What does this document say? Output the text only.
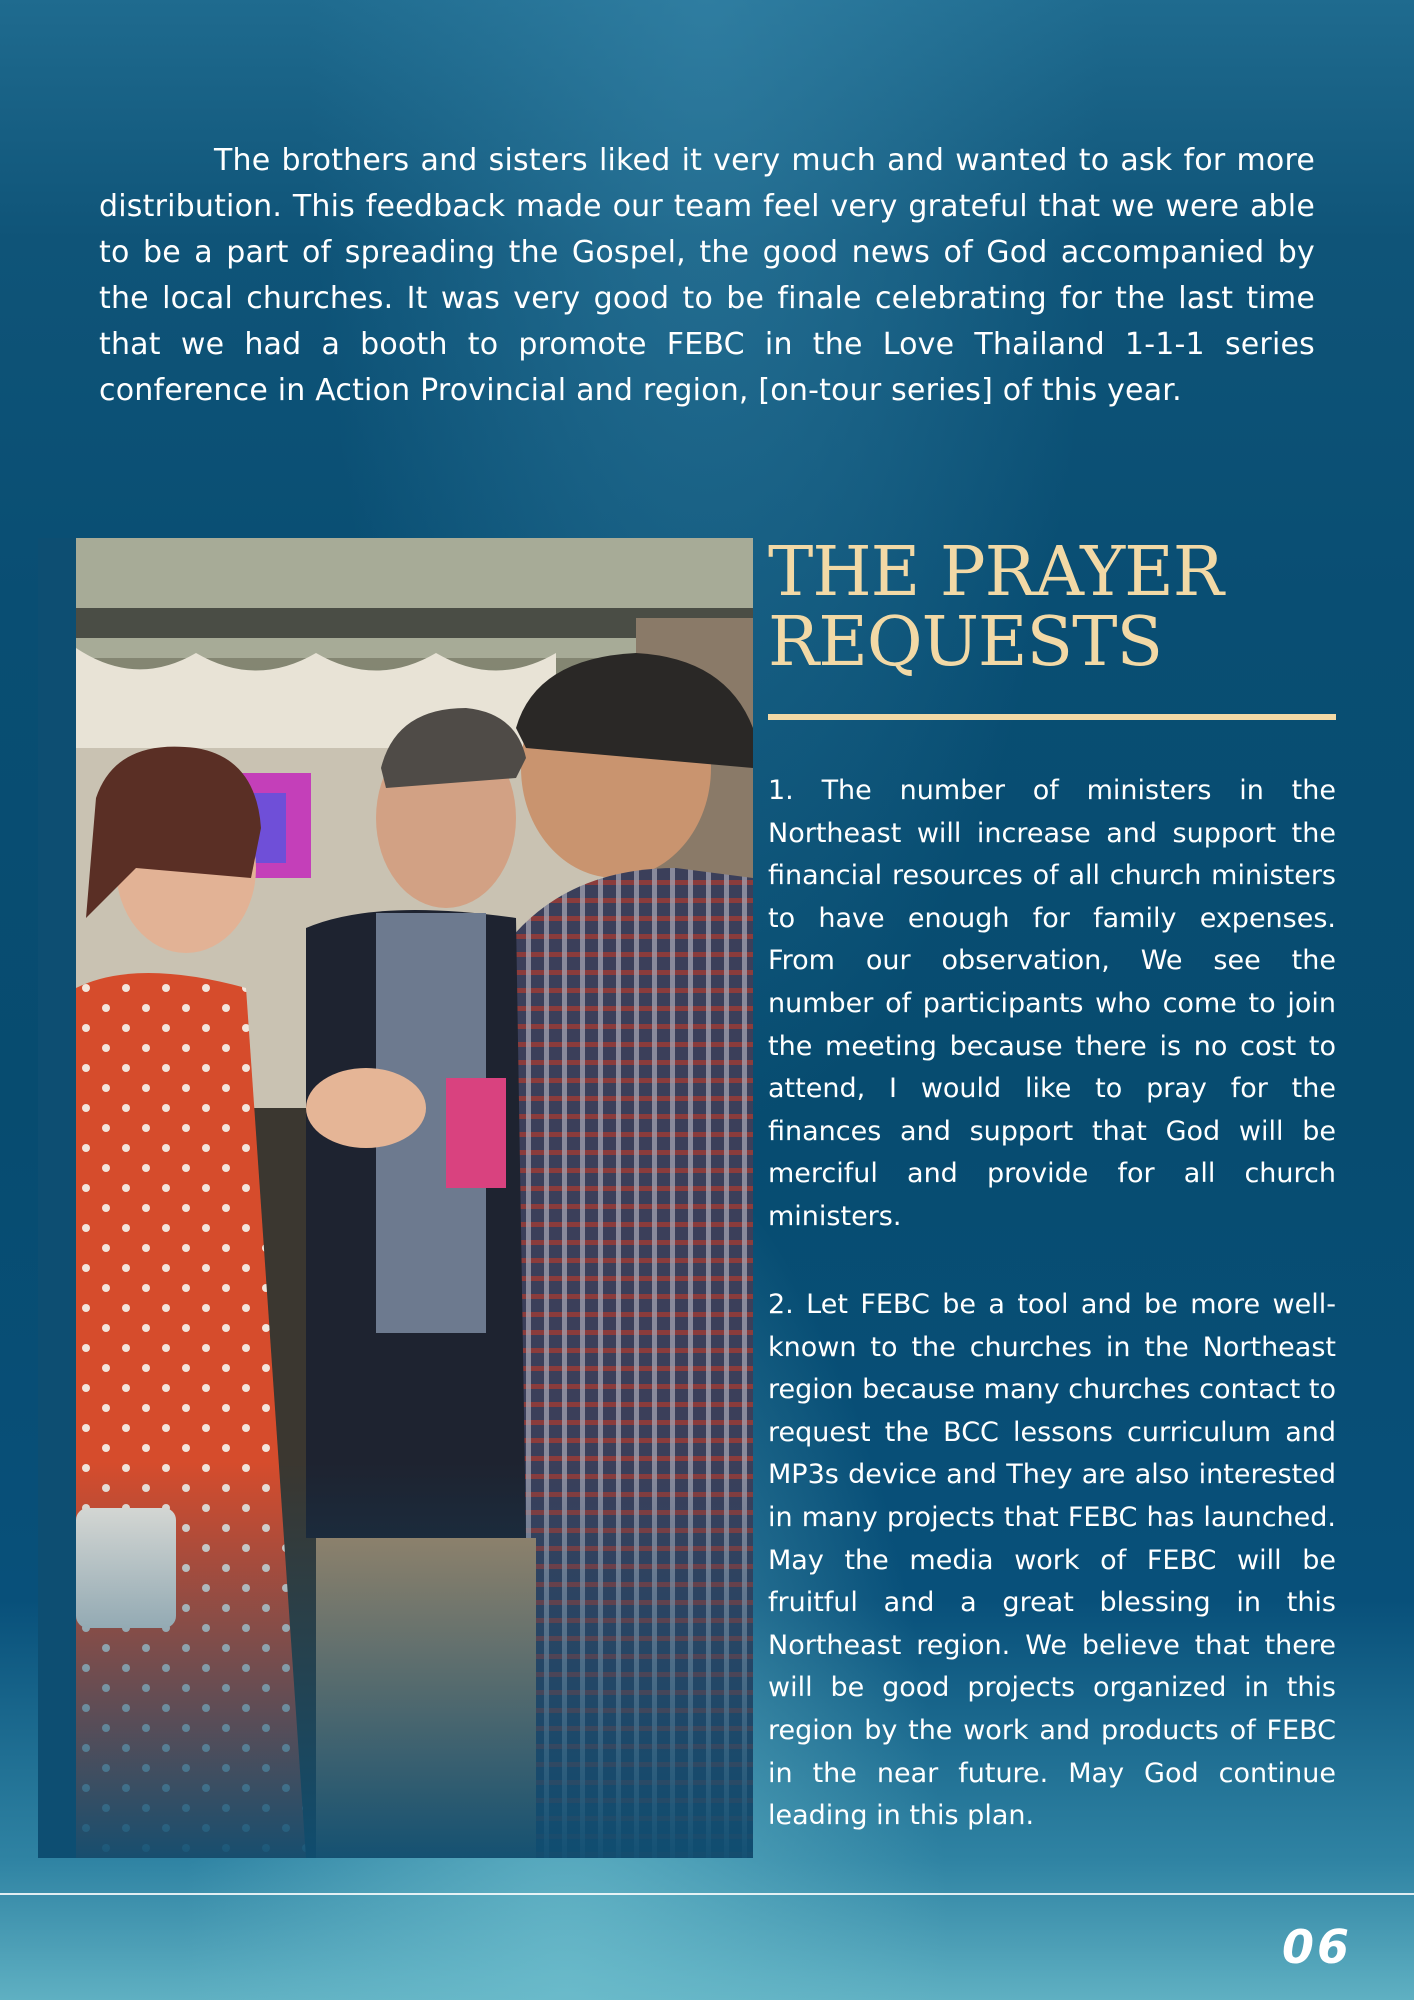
The brothers and sisters liked it very much and wanted to ask for more distribution. This feedback made our team feel very grateful that we were able to be a part of spreading the Gospel, the good news of God accompanied by the local churches. It was very good to be finale celebrating for the last time that we had a booth to promote FEBC in the Love Thailand 1-1-1 series conference in Action Provincial and region, [on-tour series] of this year.

THE PRAYER
REQUESTS

1. The number of ministers in the Northeast will increase and support the financial resources of all church ministers to have enough for family expenses. From our observation, We see the number of participants who come to join the meeting because there is no cost to attend, I would like to pray for the finances and support that God will be merciful and provide for all church ministers.

2. Let FEBC be a tool and be more well-known to the churches in the Northeast region because many churches contact to request the BCC lessons curriculum and MP3s device and They are also interested in many projects that FEBC has launched. May the media work of FEBC will be fruitful and a great blessing in this Northeast region. We believe that there will be good projects organized in this region by the work and products of FEBC in the near future. May God continue leading in this plan.

06
